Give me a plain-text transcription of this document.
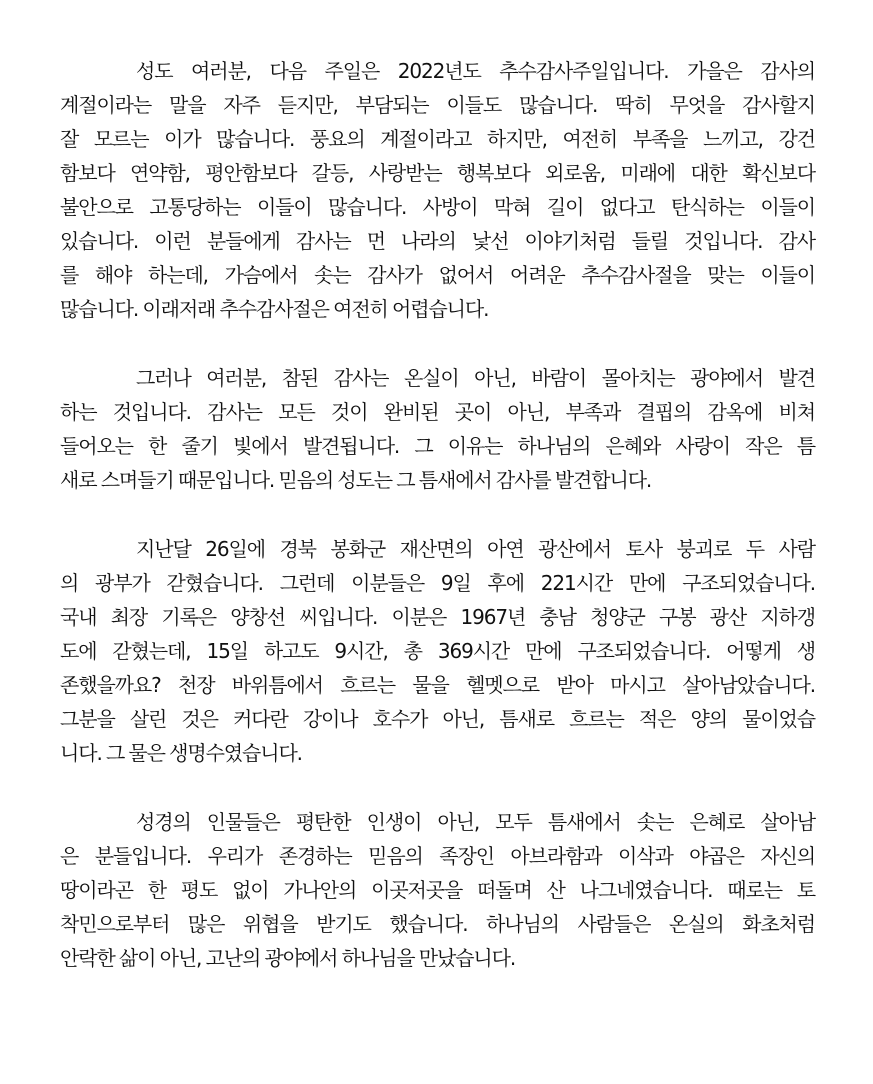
성도 여러분, 다음 주일은 2022년도 추수감사주일입니다. 가을은 감사의
계절이라는 말을 자주 듣지만, 부담되는 이들도 많습니다. 딱히 무엇을 감사할지
잘 모르는 이가 많습니다. 풍요의 계절이라고 하지만, 여전히 부족을 느끼고, 강건
함보다 연약함, 평안함보다 갈등, 사랑받는 행복보다 외로움, 미래에 대한 확신보다
불안으로 고통당하는 이들이 많습니다. 사방이 막혀 길이 없다고 탄식하는 이들이
있습니다. 이런 분들에게 감사는 먼 나라의 낯선 이야기처럼 들릴 것입니다. 감사
를 해야 하는데, 가슴에서 솟는 감사가 없어서 어려운 추수감사절을 맞는 이들이
많습니다. 이래저래 추수감사절은 여전히 어렵습니다.
그러나 여러분, 참된 감사는 온실이 아닌, 바람이 몰아치는 광야에서 발견
하는 것입니다. 감사는 모든 것이 완비된 곳이 아닌, 부족과 결핍의 감옥에 비쳐
들어오는 한 줄기 빛에서 발견됩니다. 그 이유는 하나님의 은혜와 사랑이 작은 틈
새로 스며들기 때문입니다. 믿음의 성도는 그 틈새에서 감사를 발견합니다.
지난달 26일에 경북 봉화군 재산면의 아연 광산에서 토사 붕괴로 두 사람
의 광부가 갇혔습니다. 그런데 이분들은 9일 후에 221시간 만에 구조되었습니다.
국내 최장 기록은 양창선 씨입니다. 이분은 1967년 충남 청양군 구봉 광산 지하갱
도에 갇혔는데, 15일 하고도 9시간, 총 369시간 만에 구조되었습니다. 어떻게 생
존했을까요? 천장 바위틈에서 흐르는 물을 헬멧으로 받아 마시고 살아남았습니다.
그분을 살린 것은 커다란 강이나 호수가 아닌, 틈새로 흐르는 적은 양의 물이었습
니다. 그 물은 생명수였습니다.
성경의 인물들은 평탄한 인생이 아닌, 모두 틈새에서 솟는 은혜로 살아남
은 분들입니다. 우리가 존경하는 믿음의 족장인 아브라함과 이삭과 야곱은 자신의
땅이라곤 한 평도 없이 가나안의 이곳저곳을 떠돌며 산 나그네였습니다. 때로는 토
착민으로부터 많은 위협을 받기도 했습니다. 하나님의 사람들은 온실의 화초처럼
안락한 삶이 아닌, 고난의 광야에서 하나님을 만났습니다.
